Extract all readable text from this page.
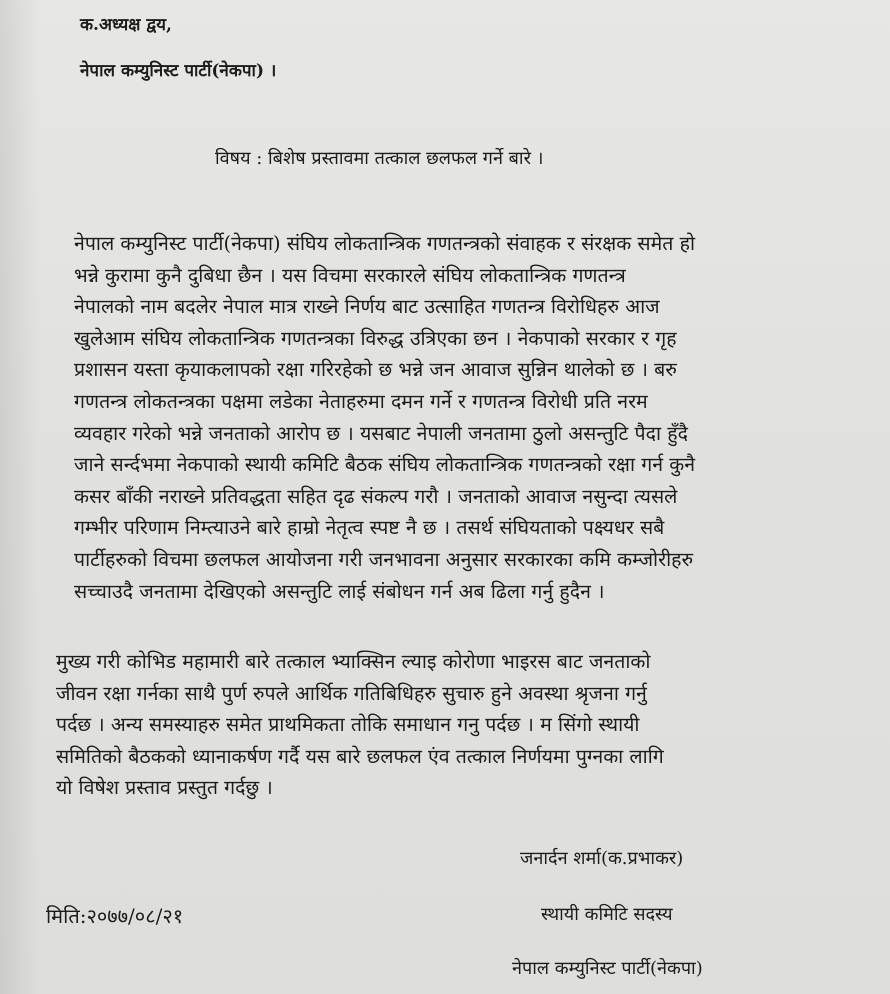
क.अध्यक्ष द्वय,
नेपाल कम्युनिस्ट पार्टी(नेकपा) ।
विषय : बिशेष प्रस्तावमा तत्काल छलफल गर्ने बारे ।
नेपाल कम्युनिस्ट पार्टी(नेकपा) संघिय लोकतान्त्रिक गणतन्त्रको संवाहक र संरक्षक समेत हो
भन्ने कुरामा कुनै दुबिधा छैन । यस विचमा सरकारले संघिय लोकतान्त्रिक गणतन्त्र
नेपालको नाम बदलेर नेपाल मात्र राख्ने निर्णय बाट उत्साहित गणतन्त्र विरोधिहरु आज
खुलेआम संघिय लोकतान्त्रिक गणतन्त्रका विरुद्ध उत्रिएका छन । नेकपाको सरकार र गृह
प्रशासन यस्ता कृयाकलापको रक्षा गरिरहेको छ भन्ने जन आवाज सुन्निन थालेको छ । बरु
गणतन्त्र लोकतन्त्रका पक्षमा लडेका नेताहरुमा दमन गर्ने र गणतन्त्र विरोधी प्रति नरम
व्यवहार गरेको भन्ने जनताको आरोप छ । यसबाट नेपाली जनतामा ठुलो असन्तुटि पैदा हुँदै
जाने सर्न्दभमा नेकपाको स्थायी कमिटि बैठक संघिय लोकतान्त्रिक गणतन्त्रको रक्षा गर्न कुनै
कसर बाँकी नराख्ने प्रतिवद्धता सहित दृढ संकल्प गरौ । जनताको आवाज नसुन्दा त्यसले
गम्भीर परिणाम निम्त्याउने बारे हाम्रो नेतृत्व स्पष्ट नै छ । तसर्थ संघियताको पक्ष्यधर सबै
पार्टीहरुको विचमा छलफल आयोजना गरी जनभावना अनुसार सरकारका कमि कम्जोरीहरु
सच्चाउदै जनतामा देखिएको असन्तुटि लाई संबोधन गर्न अब ढिला गर्नु हुदैन ।
मुख्य गरी कोभिड महामारी बारे तत्काल भ्याक्सिन ल्याइ कोरोणा भाइरस बाट जनताको
जीवन रक्षा गर्नका साथै पुर्ण रुपले आर्थिक गतिबिधिहरु सुचारु हुने अवस्था श्रृजना गर्नु
पर्दछ । अन्य समस्याहरु समेत प्राथमिकता तोकि समाधान गनु पर्दछ । म सिंगो स्थायी
समितिको बैठकको ध्यानाकर्षण गर्दै यस बारे छलफल एंव तत्काल निर्णयमा पुग्नका लागि
यो विषेश प्रस्ताव प्रस्तुत गर्दछु ।
जनार्दन शर्मा(क.प्रभाकर)
स्थायी कमिटि सदस्य
नेपाल कम्युनिस्ट पार्टी(नेकपा)
मिति:२०७७/०८/२१
